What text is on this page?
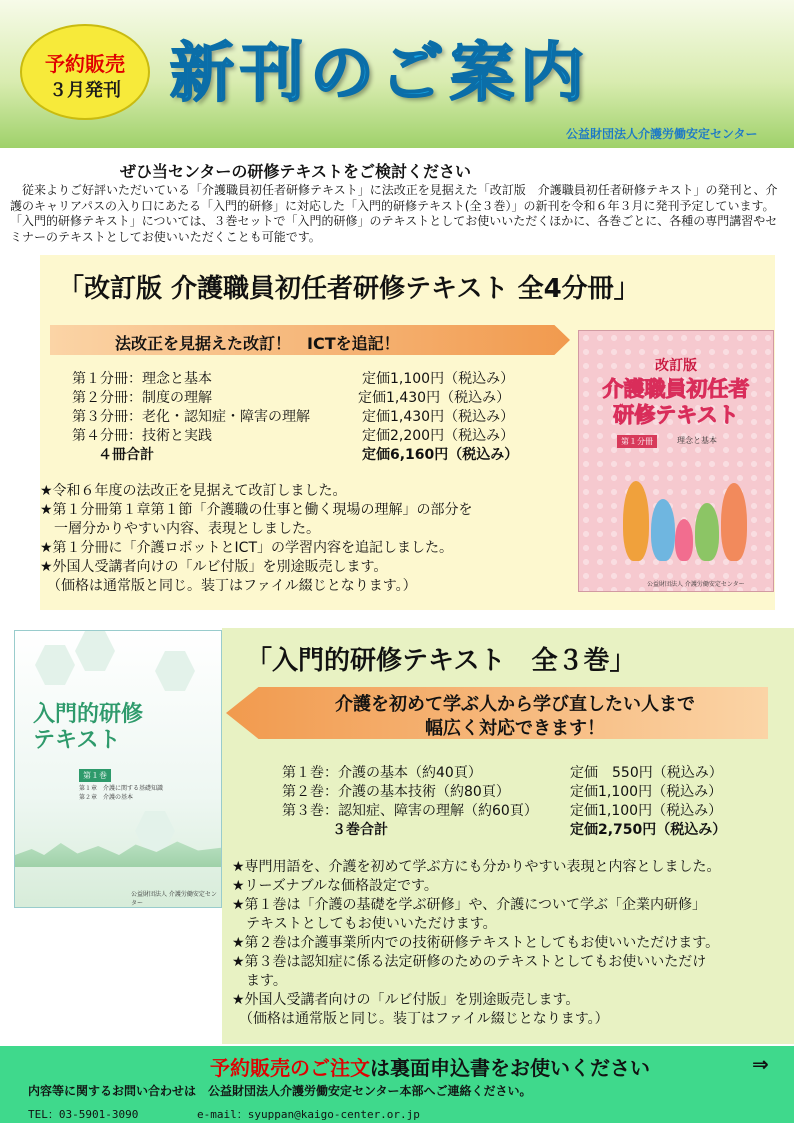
予約販売
３月発刊 新刊のご案内
公益財団法人介護労働安定センター
ぜひ当センターの研修テキストをご検討ください
　従来よりご好評いただいている「介護職員初任者研修テキスト」に法改正を見据えた「改訂版　介護職員初任者研修テキスト」の発刊と、介護のキャリアパスの入り口にあたる「入門的研修」に対応した「入門的研修テキスト(全３巻）」の新刊を令和６年３月に発刊予定しています。「入門的研修テキスト」については、３巻セットで「入門的研修」のテキストとしてお使いいただくほかに、各巻ごとに、各種の専門講習やセミナーのテキストとしてお使いいただくことも可能です。
「改訂版 介護職員初任者研修テキスト 全4分冊」
法改正を見据えた改訂！　ICTを追記！
第１分冊：理念と基本	定価1,100円（税込み）
第２分冊：制度の理解	定価1,430円（税込み）
第３分冊：老化・認知症・障害の理解	定価1,430円（税込み）
第４分冊：技術と実践	定価2,200円（税込み）
４冊合計	定価6,160円（税込み）
★令和６年度の法改正を見据えて改訂しました。
★第１分冊第１章第１節「介護職の仕事と働く現場の理解」の部分を
　一層分かりやすい内容、表現としました。
★第１分冊に「介護ロボットとICT」の学習内容を追記しました。
★外国人受講者向けの「ルビ付版」を別途販売します。
　（価格は通常版と同じ。装丁はファイル綴じとなります。）
改訂版
介護職員初任者
研修テキスト
第１分冊	理念と基本
公益財団法人 介護労働安定センター
「入門的研修テキスト　全３巻」
介護を初めて学ぶ人から学び直したい人まで
幅広く対応できます！
第１巻：介護の基本（約40頁）	定価　550円（税込み）
第２巻：介護の基本技術（約80頁）	定価1,100円（税込み）
第３巻：認知症、障害の理解（約60頁） 定価1,100円（税込み）
３巻合計	定価2,750円（税込み）
★専門用語を、介護を初めて学ぶ方にも分かりやすい表現と内容としました。
★リーズナブルな価格設定です。
★第１巻は「介護の基礎を学ぶ研修」や、介護について学ぶ「企業内研修」
　テキストとしてもお使いいただけます。
★第２巻は介護事業所内での技術研修テキストとしてもお使いいただけます。
★第３巻は認知症に係る法定研修のためのテキストとしてもお使いいただけ
　ます。
★外国人受講者向けの「ルビ付版」を別途販売します。
　（価格は通常版と同じ。装丁はファイル綴じとなります。）
入門的研修
テキスト
第１巻
第１章　介護に関する基礎知識
第２章　介護の基本
公益財団法人 介護労働安定センター
予約販売のご注文は裏面申込書をお使いください	⇒
内容等に関するお問い合わせは　公益財団法人介護労働安定センター本部へご連絡ください。
TEL：03-5901-3090	e-mail：syuppan@kaigo-center.or.jp
